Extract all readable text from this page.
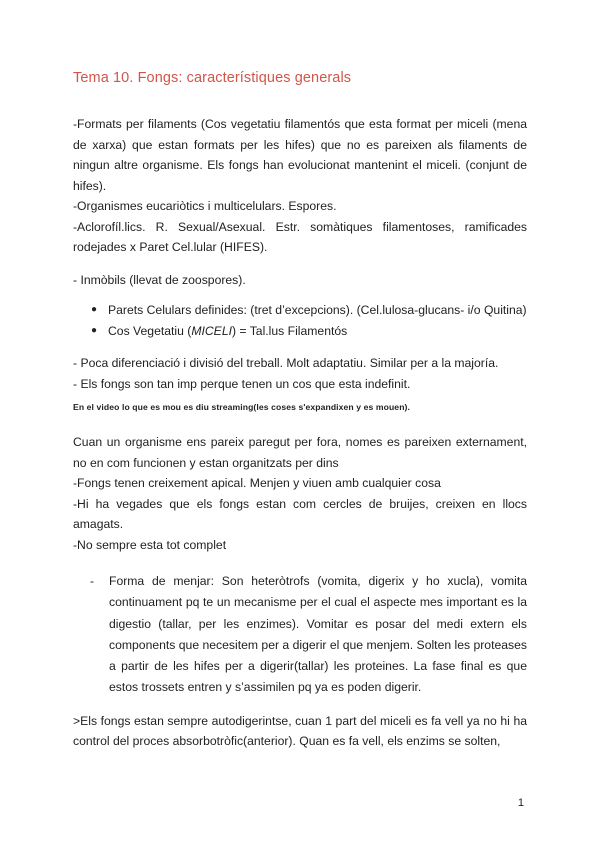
Tema 10. Fongs: característiques generals

-Formats per filaments (Cos vegetatiu filamentós que esta format per miceli (mena de xarxa) que estan formats per les hifes) que no es pareixen als filaments de ningun altre organisme. Els fongs han evolucionat mantenint el miceli. (conjunt de hifes).

-Organismes eucariòtics i multicelulars. Espores.

-Aclorofíl.lics. R. Sexual/Asexual. Estr. somàtiques filamentoses, ramificades rodejades x Paret Cel.lular (HIFES).

- Inmòbils (llevat de zoospores).

● Parets Celulars definides: (tret d’excepcions). (Cel.lulosa-glucans- i/o Quitina)
● Cos Vegetatiu (MICELI) = Tal.lus Filamentós

- Poca diferenciació i divisió del treball. Molt adaptatiu. Similar per a la majoría.

- Els fongs son tan imp perque tenen un cos que esta indefinit.

En el video lo que es mou es diu streaming(les coses s'expandixen y es mouen).

Cuan un organisme ens pareix paregut per fora, nomes es pareixen externament, no en com funcionen y estan organitzats per dins

-Fongs tenen creixement apical. Menjen y viuen amb cualquier cosa

-Hi ha vegades que els fongs estan com cercles de bruijes, creixen en llocs amagats.

-No sempre esta tot complet

- Forma de menjar: Son heteròtrofs (vomita, digerix y ho xucla), vomita continuament pq te un mecanisme per el cual el aspecte mes important es la digestio (tallar, per les enzimes). Vomitar es posar del medi extern els components que necesitem per a digerir el que menjem. Solten les proteases a partir de les hifes per a digerir(tallar) les proteines. La fase final es que estos trossets entren y s’assimilen pq ya es poden digerir.

>Els fongs estan sempre autodigerintse, cuan 1 part del miceli es fa vell ya no hi ha control del proces absorbotròfic(anterior). Quan es fa vell, els enzims se solten,

1
